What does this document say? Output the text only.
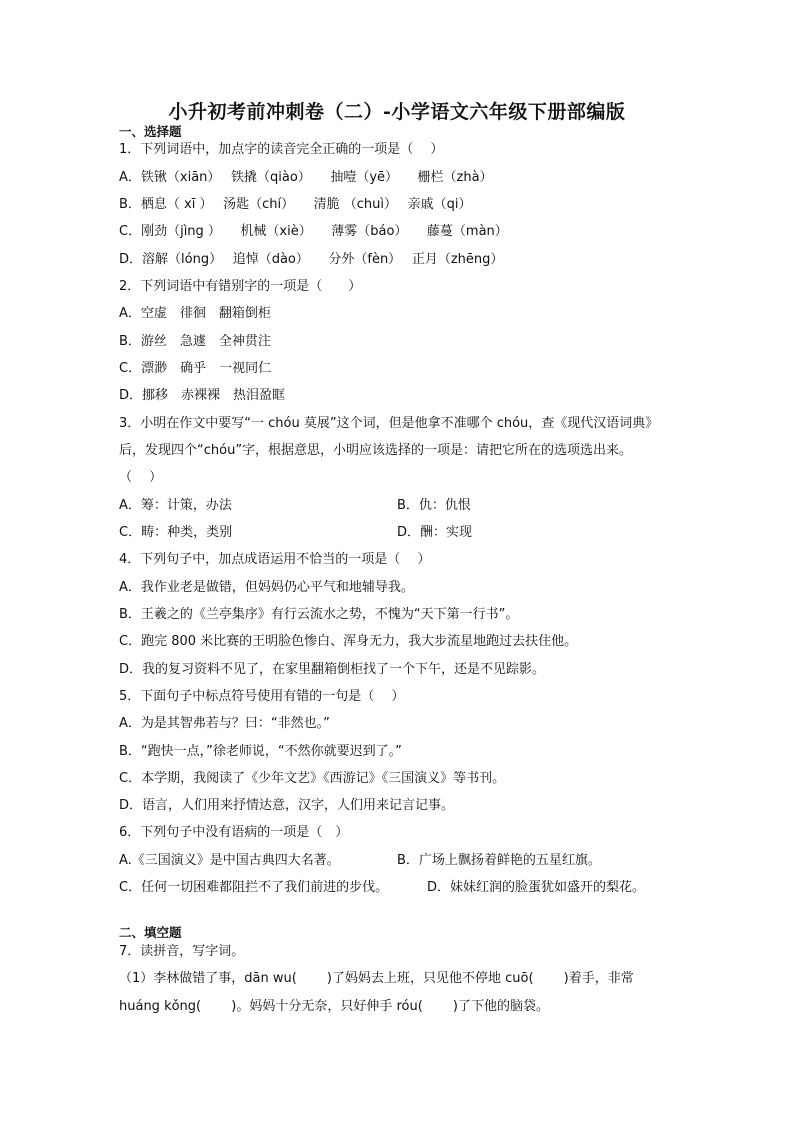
小升初考前冲刺卷（二）-小学语文六年级下册部编版
一、选择题
1．下列词语中，加点字的读音完全正确的一项是（　 ）
A．铁锹（xiān）　 铁撬（qiào）　　抽噎（yē）　　栅栏（zhà）
B．栖息（ xī ）　 汤匙（chí）　　清脆 （chuì）　 亲戚（qi）
C．刚劲（jìng ）　　机械（xiè）　　薄雾（báo）　　藤蔓（màn）
D．溶解（lóng）　 追悼（dào）　　分外（fèn）　 正月（zhēng）
2．下列词语中有错别字的一项是（　　）
A．空虚　徘徊　翻箱倒柜
B．游丝　急遽　全神贯注
C．漂渺　确乎　一视同仁
D．挪移　赤裸裸　热泪盈眶
3．小明在作文中要写“一 chóu 莫展”这个词，但是他拿不准哪个 chóu，查《现代汉语词典》
后，发现四个“chóu”字，根据意思，小明应该选择的一项是：请把它所在的选项选出来。
（　 ）
A．筹：计策，办法	B．仇：仇恨
C．畴：种类，类别	D．酬：实现
4．下列句子中，加点成语运用不恰当的一项是（　 ）
A．我作业老是做错，但妈妈仍心平气和地辅导我。
B．王羲之的《兰亭集序》有行云流水之势，不愧为“天下第一行书”。
C．跑完 800 米比赛的王明脸色惨白、浑身无力，我大步流星地跑过去扶住他。
D．我的复习资料不见了，在家里翻箱倒柜找了一个下午，还是不见踪影。
5．下面句子中标点符号使用有错的一句是（　 ）
A．为是其智弗若与？曰：“非然也。”
B．“跑快一点，”徐老师说，“不然你就要迟到了。”
C．本学期，我阅读了《少年文艺》《西游记》《三国演义》等书刊。
D．语言，人们用来抒情达意，汉字，人们用来记言记事。
6．下列句子中没有语病的一项是（　）
A.《三国演义》是中国古典四大名著。	B．广场上飘扬着鲜艳的五星红旗。
C．任何一切困难都阻拦不了我们前进的步伐。	D．妹妹红润的脸蛋犹如盛开的梨花。
二、填空题
7．读拼音，写字词。
（1）李林做错了事，dān wu(　　 )了妈妈去上班，只见他不停地 cuō(　　 )着手，非常
huáng kǒng(　　 )。妈妈十分无奈，只好伸手 róu(　　 )了下他的脑袋。
